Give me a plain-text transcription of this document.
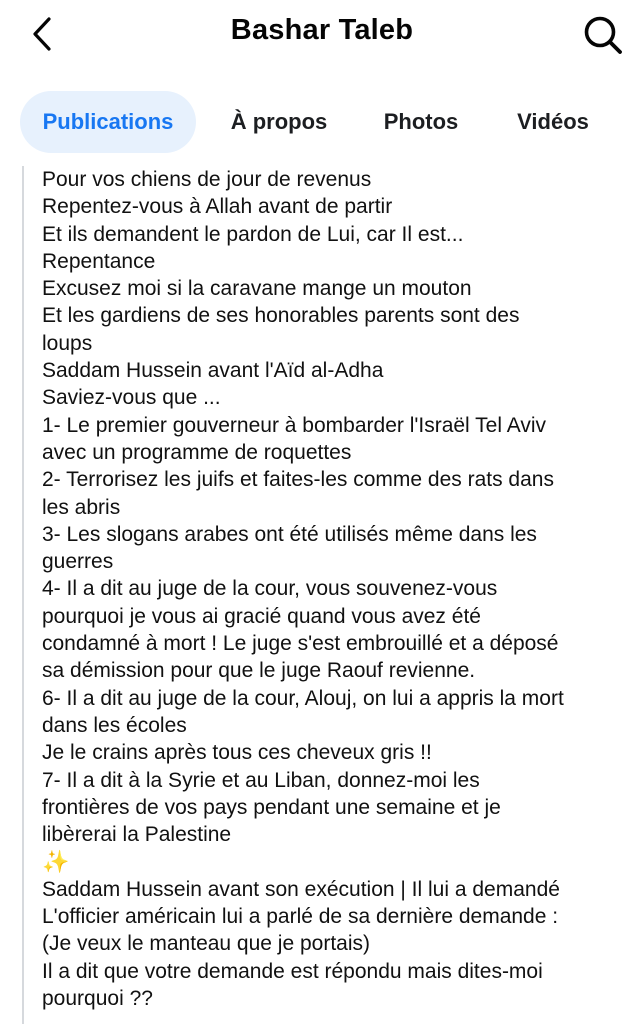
Bashar Taleb
Publications	À propos	Photos	Vidéos
Pour vos chiens de jour de revenus
Repentez-vous à Allah avant de partir
Et ils demandent le pardon de Lui, car Il est...
Repentance
Excusez moi si la caravane mange un mouton
Et les gardiens de ses honorables parents sont des
loups
Saddam Hussein avant l'Aïd al-Adha
Saviez-vous que ...
1- Le premier gouverneur à bombarder l'Israël Tel Aviv
avec un programme de roquettes
2- Terrorisez les juifs et faites-les comme des rats dans
les abris
3- Les slogans arabes ont été utilisés même dans les
guerres
4- Il a dit au juge de la cour, vous souvenez-vous
pourquoi je vous ai gracié quand vous avez été
condamné à mort ! Le juge s'est embrouillé et a déposé
sa démission pour que le juge Raouf revienne.
6- Il a dit au juge de la cour, Alouj, on lui a appris la mort
dans les écoles
Je le crains après tous ces cheveux gris !!
7- Il a dit à la Syrie et au Liban, donnez-moi les
frontières de vos pays pendant une semaine et je
libèrerai la Palestine
✨
Saddam Hussein avant son exécution | Il lui a demandé
L'officier américain lui a parlé de sa dernière demande :
(Je veux le manteau que je portais)
Il a dit que votre demande est répondu mais dites-moi
pourquoi ??
